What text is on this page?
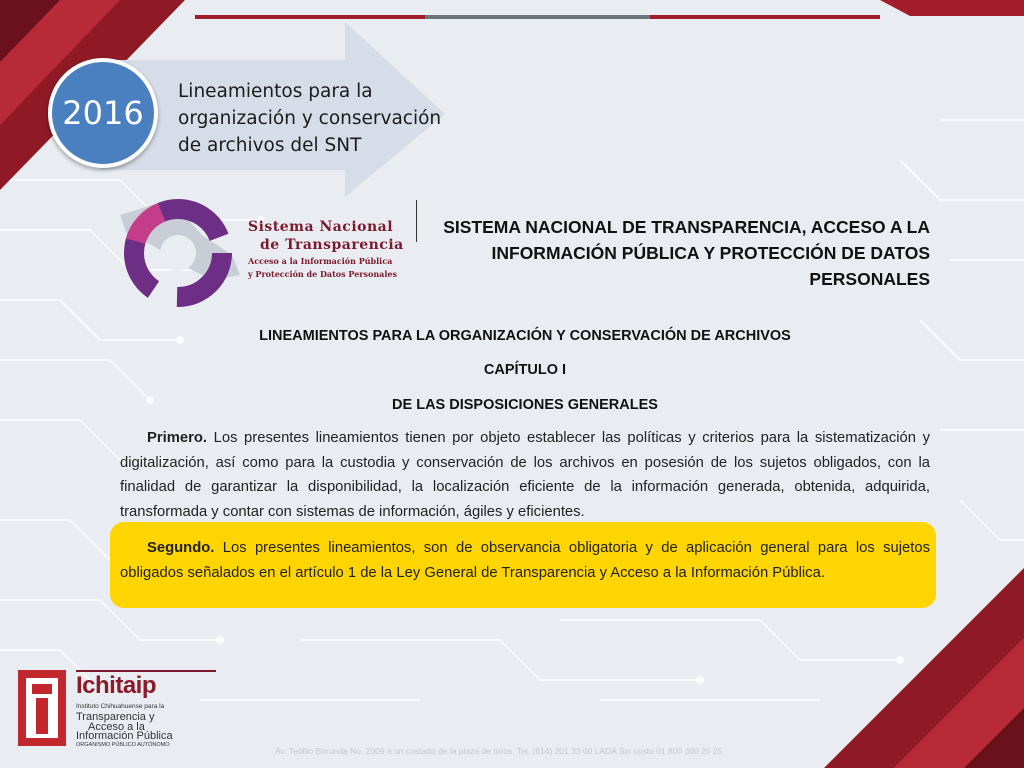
2016
Lineamientos para la organización y conservación de archivos del SNT
Sistema Nacional
de Transparencia
Acceso a la Información Pública
y Protección de Datos Personales
SISTEMA NACIONAL DE TRANSPARENCIA, ACCESO A LA
INFORMACIÓN PÚBLICA Y PROTECCIÓN DE DATOS
PERSONALES
LINEAMIENTOS PARA LA ORGANIZACIÓN Y CONSERVACIÓN DE ARCHIVOS
CAPÍTULO I
DE LAS DISPOSICIONES GENERALES
Primero. Los presentes lineamientos tienen por objeto establecer las políticas y criterios para la sistematización y digitalización, así como para la custodia y conservación de los archivos en posesión de los sujetos obligados, con la finalidad de garantizar la disponibilidad, la localización eficiente de la información generada, obtenida, adquirida, transformada y contar con sistemas de información, ágiles y eficientes.
Segundo. Los presentes lineamientos, son de observancia obligatoria y de aplicación general para los sujetos obligados señalados en el artículo 1 de la Ley General de Transparencia y Acceso a la Información Pública.
Ichitaip
Instituto Chihuahuense para la
Transparencia y
Acceso a la
Información Pública
ORGANISMO PÚBLICO AUTÓNOMO
Av. Teófilo Borunda No. 2009 a un costado de la plaza de toros. Tel. (614) 201 33 00 LADA Sin costo 01 800 300 25 25
